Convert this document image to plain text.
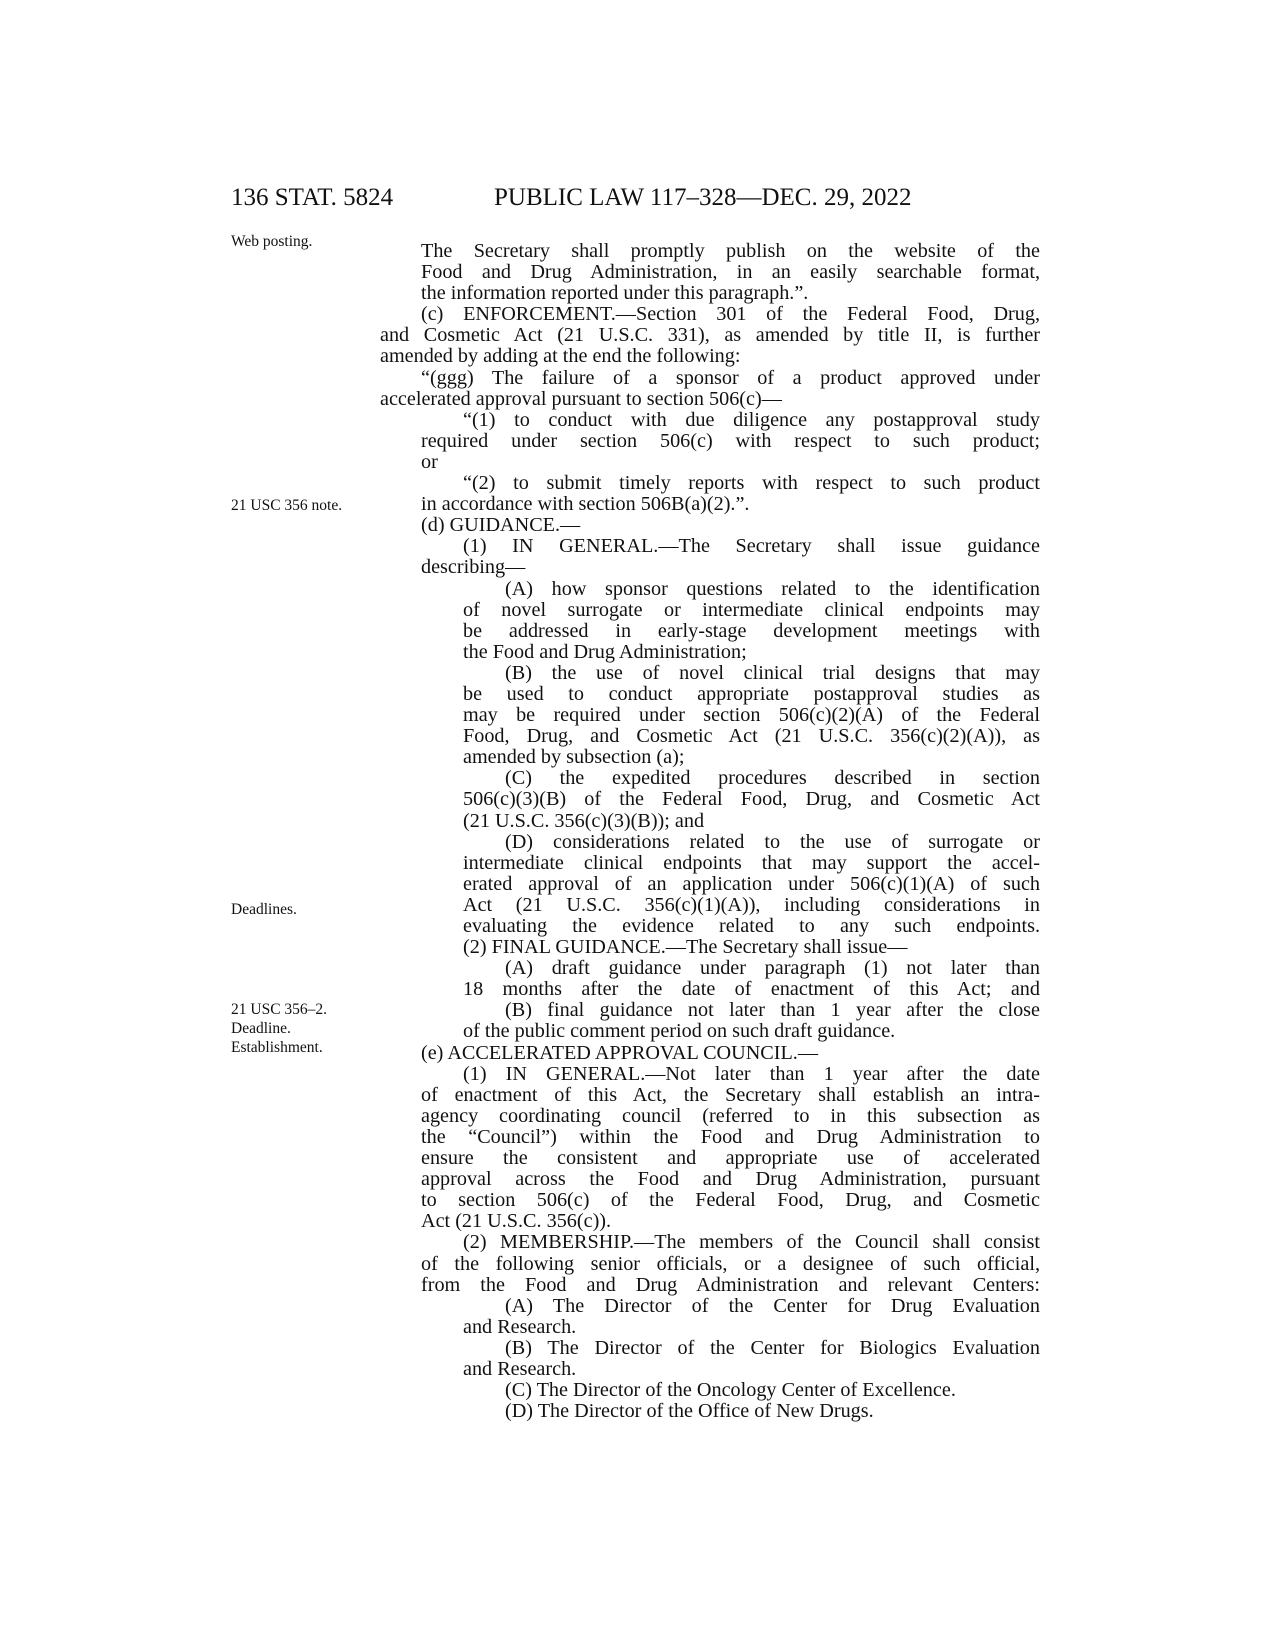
136 STAT. 5824	PUBLIC LAW 117–328—DEC. 29, 2022
Web posting.
21 USC 356 note.
Deadlines.
21 USC 356–2.
Deadline.
Establishment.
The Secretary shall promptly publish on the website of the
Food and Drug Administration, in an easily searchable format,
the information reported under this paragraph.”.
(c) ENFORCEMENT.—Section 301 of the Federal Food, Drug,
and Cosmetic Act (21 U.S.C. 331), as amended by title II, is further
amended by adding at the end the following:
“(ggg) The failure of a sponsor of a product approved under
accelerated approval pursuant to section 506(c)—
“(1) to conduct with due diligence any postapproval study
required under section 506(c) with respect to such product;
or
“(2) to submit timely reports with respect to such product
in accordance with section 506B(a)(2).”.
(d) GUIDANCE.—
(1) IN GENERAL.—The Secretary shall issue guidance
describing—
(A) how sponsor questions related to the identification
of novel surrogate or intermediate clinical endpoints may
be addressed in early-stage development meetings with
the Food and Drug Administration;
(B) the use of novel clinical trial designs that may
be used to conduct appropriate postapproval studies as
may be required under section 506(c)(2)(A) of the Federal
Food, Drug, and Cosmetic Act (21 U.S.C. 356(c)(2)(A)), as
amended by subsection (a);
(C) the expedited procedures described in section
506(c)(3)(B) of the Federal Food, Drug, and Cosmetic Act
(21 U.S.C. 356(c)(3)(B)); and
(D) considerations related to the use of surrogate or
intermediate clinical endpoints that may support the accel-
erated approval of an application under 506(c)(1)(A) of such
Act (21 U.S.C. 356(c)(1)(A)), including considerations in
evaluating the evidence related to any such endpoints.
(2) FINAL GUIDANCE.—The Secretary shall issue—
(A) draft guidance under paragraph (1) not later than
18 months after the date of enactment of this Act; and
(B) final guidance not later than 1 year after the close
of the public comment period on such draft guidance.
(e) ACCELERATED APPROVAL COUNCIL.—
(1) IN GENERAL.—Not later than 1 year after the date
of enactment of this Act, the Secretary shall establish an intra-
agency coordinating council (referred to in this subsection as
the “Council”) within the Food and Drug Administration to
ensure the consistent and appropriate use of accelerated
approval across the Food and Drug Administration, pursuant
to section 506(c) of the Federal Food, Drug, and Cosmetic
Act (21 U.S.C. 356(c)).
(2) MEMBERSHIP.—The members of the Council shall consist
of the following senior officials, or a designee of such official,
from the Food and Drug Administration and relevant Centers:
(A) The Director of the Center for Drug Evaluation
and Research.
(B) The Director of the Center for Biologics Evaluation
and Research.
(C) The Director of the Oncology Center of Excellence.
(D) The Director of the Office of New Drugs.
